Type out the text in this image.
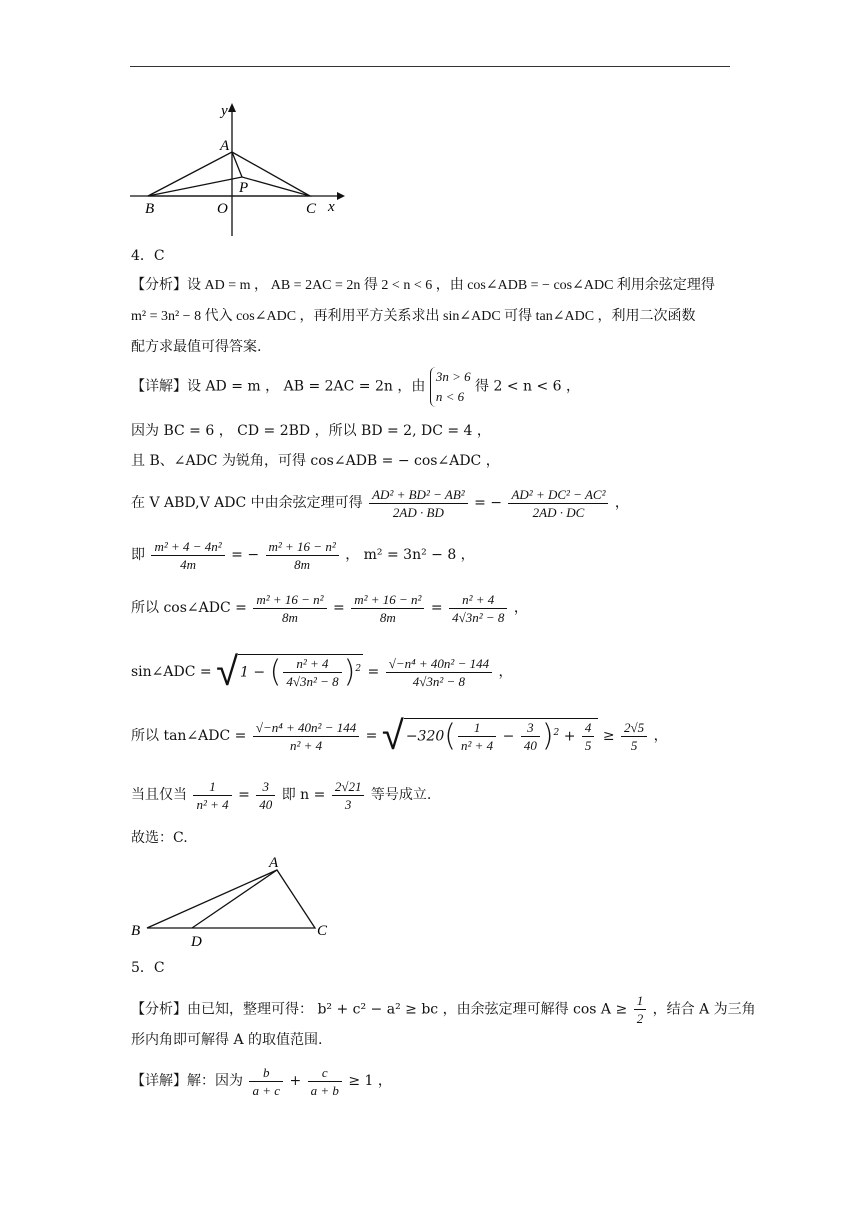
y
A
P
B	O	C x
4．C
【分析】设 AD = m ， AB = 2AC = 2n 得 2 < n < 6 ，由 cos∠ADB = − cos∠ADC 利用余弦定理得
m² = 3n² − 8 代入 cos∠ADC ，再利用平方关系求出 sin∠ADC 可得 tan∠ADC ，利用二次函数
配方求最值可得答案.
【详解】设 AD = m ， AB = 2AC = 2n ，由
3n > 6
n < 6
得 2 < n < 6 ，
因为 BC = 6 ， CD = 2BD ，所以 BD = 2, DC = 4 ，
且 B、∠ADC 为锐角，可得 cos∠ADB = − cos∠ADC ，
在 V ABD,V ADC 中由余弦定理可得 $\frac{\text{AD² + BD² − AB²}}{2AD \cdot BD}$ = − $\frac{\text{AD² + DC² − AC²}}{2AD \cdot DC}$ ，
即 $\frac{\text{m² + 4 − 4n²}}{4m}$ = − $\frac{\text{m² + 16 − n²}}{8m}$ ， m² = 3n² − 8 ，
所以 cos∠ADC = $\frac{\text{m² + 16 − n²}}{8m} = \frac{\text{m² + 16 − n²}}{8m} = \frac{\text{n² + 4}}{\text{4√3n² − 8}}$ ，
sin∠ADC = √ 1 − ( $\frac{\text{n² + 4}}{\text{4√3n² − 8}} )^2 = \frac{\text{√−n⁴ + 40n² − 144}}{\text{4√3n² − 8}}$ ，
所以 tan∠ADC = $\frac{\text{√−n⁴ + 40n² − 144}}{\text{n² + 4}}$ = √ $-320( \frac{1}{\text{n² + 4}} - \frac{3}{40} )^2 + \frac{4}{5} \ge \frac{2√5}{5}$ ，
当且仅当 $\frac{1}{\text{n² + 4}} = \frac{3}{40}$ 即 $n = \frac{2√21}{3}$ 等号成立.
故选：C.
A
B
D
C
5．C
【分析】由已知，整理可得： b² + c² − a² ≥ bc ，由余弦定理可解得 $\cos A \ge \frac{1}{2}$ ，结合 A 为三角
形内角即可解得 A 的取值范围.
【详解】解：因为 $\frac{b}{a + c} + \frac{c}{a + b} \ge 1$ ，
